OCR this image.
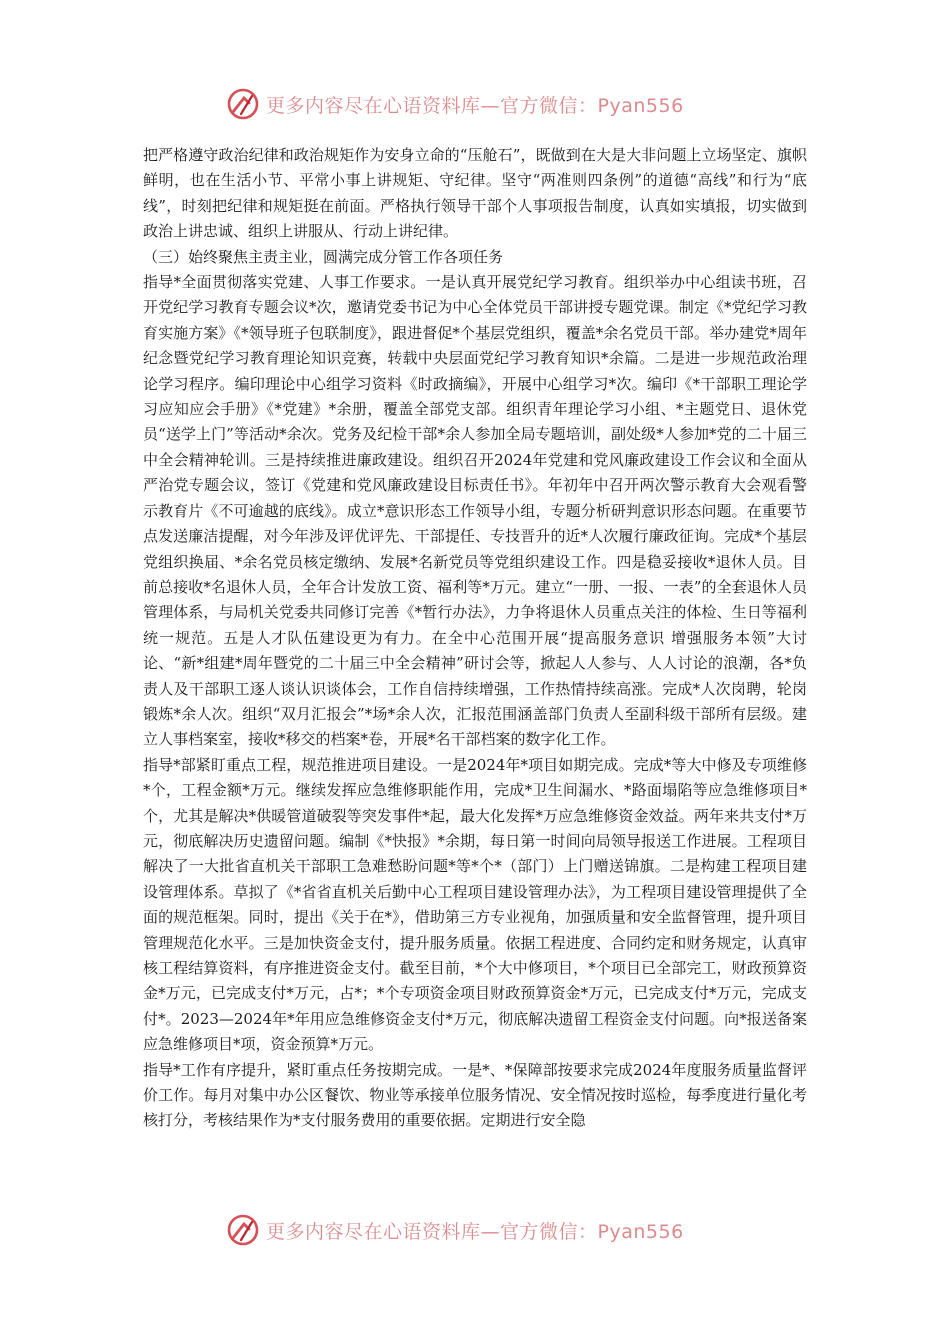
更多内容尽在心语资料库—官方微信：Pyan556

把严格遵守政治纪律和政治规矩作为安身立命的“压舱石”，既做到在大是大非问题上立场坚定、旗帜鲜明，也在生活小节、平常小事上讲规矩、守纪律。坚守“两准则四条例”的道德“高线”和行为“底线”，时刻把纪律和规矩挺在前面。严格执行领导干部个人事项报告制度，认真如实填报，切实做到政治上讲忠诚、组织上讲服从、行动上讲纪律。

（三）始终聚焦主责主业，圆满完成分管工作各项任务

指导*全面贯彻落实党建、人事工作要求。一是认真开展党纪学习教育。组织举办中心组读书班，召开党纪学习教育专题会议*次，邀请党委书记为中心全体党员干部讲授专题党课。制定《*党纪学习教育实施方案》《*领导班子包联制度》，跟进督促*个基层党组织，覆盖*余名党员干部。举办建党*周年纪念暨党纪学习教育理论知识竞赛，转载中央层面党纪学习教育知识*余篇。二是进一步规范政治理论学习程序。编印理论中心组学习资料《时政摘编》，开展中心组学习*次。编印《*干部职工理论学习应知应会手册》《*党建》*余册，覆盖全部党支部。组织青年理论学习小组、*主题党日、退休党员“送学上门”等活动*余次。党务及纪检干部*余人参加全局专题培训，副处级*人参加*党的二十届三中全会精神轮训。三是持续推进廉政建设。组织召开2024年党建和党风廉政建设工作会议和全面从严治党专题会议，签订《党建和党风廉政建设目标责任书》。年初年中召开两次警示教育大会观看警示教育片《不可逾越的底线》。成立*意识形态工作领导小组，专题分析研判意识形态问题。在重要节点发送廉洁提醒，对今年涉及评优评先、干部提任、专技晋升的近*人次履行廉政征询。完成*个基层党组织换届、*余名党员核定缴纳、发展*名新党员等党组织建设工作。四是稳妥接收*退休人员。目前总接收*名退休人员，全年合计发放工资、福利等*万元。建立“一册、一报、一表”的全套退休人员管理体系，与局机关党委共同修订完善《*暂行办法》，力争将退休人员重点关注的体检、生日等福利统一规范。五是人才队伍建设更为有力。在全中心范围开展“提高服务意识 增强服务本领”大讨论、“新*组建*周年暨党的二十届三中全会精神”研讨会等，掀起人人参与、人人讨论的浪潮，各*负责人及干部职工逐人谈认识谈体会，工作自信持续增强，工作热情持续高涨。完成*人次岗聘，轮岗锻炼*余人次。组织“双月汇报会”*场*余人次，汇报范围涵盖部门负责人至副科级干部所有层级。建立人事档案室，接收*移交的档案*卷，开展*名干部档案的数字化工作。

指导*部紧盯重点工程，规范推进项目建设。一是2024年*项目如期完成。完成*等大中修及专项维修*个，工程金额*万元。继续发挥应急维修职能作用，完成*卫生间漏水、*路面塌陷等应急维修项目*个，尤其是解决*供暖管道破裂等突发事件*起，最大化发挥*万应急维修资金效益。两年来共支付*万元，彻底解决历史遗留问题。编制《*快报》*余期，每日第一时间向局领导报送工作进展。工程项目解决了一大批省直机关干部职工急难愁盼问题*等*个*（部门）上门赠送锦旗。二是构建工程项目建设管理体系。草拟了《*省省直机关后勤中心工程项目建设管理办法》，为工程项目建设管理提供了全面的规范框架。同时，提出《关于在*》，借助第三方专业视角，加强质量和安全监督管理，提升项目管理规范化水平。三是加快资金支付，提升服务质量。依据工程进度、合同约定和财务规定，认真审核工程结算资料，有序推进资金支付。截至目前，*个大中修项目，*个项目已全部完工，财政预算资金*万元，已完成支付*万元，占*；*个专项资金项目财政预算资金*万元，已完成支付*万元，完成支付*。2023—2024年*年用应急维修资金支付*万元，彻底解决遗留工程资金支付问题。向*报送备案应急维修项目*项，资金预算*万元。

指导*工作有序提升，紧盯重点任务按期完成。一是*、*保障部按要求完成2024年度服务质量监督评价工作。每月对集中办公区餐饮、物业等承接单位服务情况、安全情况按时巡检，每季度进行量化考核打分，考核结果作为*支付服务费用的重要依据。定期进行安全隐

更多内容尽在心语资料库—官方微信：Pyan556
